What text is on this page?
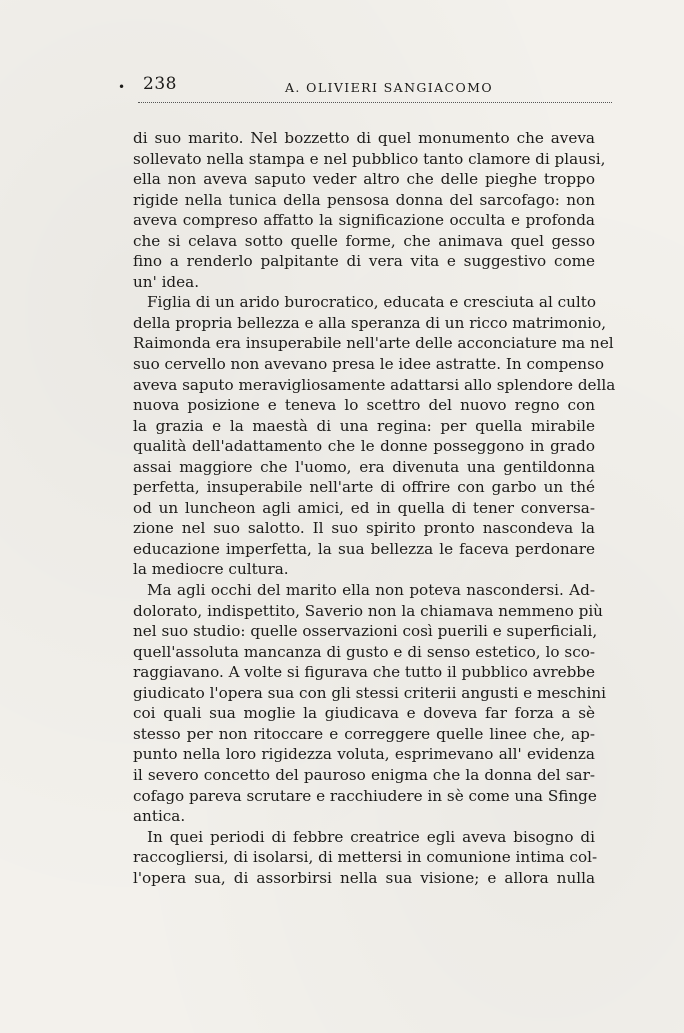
• 238	A. OLIVIERI SANGIACOMO
di suo marito. Nel bozzetto di quel monumento che aveva
sollevato nella stampa e nel pubblico tanto clamore di plausi,
ella non aveva saputo veder altro che delle pieghe troppo
rigide nella tunica della pensosa donna del sarcofago: non
aveva compreso affatto la significazione occulta e profonda
che si celava sotto quelle forme, che animava quel gesso
fino a renderlo palpitante di vera vita e suggestivo come
un' idea.
Figlia di un arido burocratico, educata e cresciuta al culto
della propria bellezza e alla speranza di un ricco matrimonio,
Raimonda era insuperabile nell'arte delle acconciature ma nel
suo cervello non avevano presa le idee astratte. In compenso
aveva saputo meravigliosamente adattarsi allo splendore della
nuova posizione e teneva lo scettro del nuovo regno con
la grazia e la maestà di una regina: per quella mirabile
qualità dell'adattamento che le donne posseggono in grado
assai maggiore che l'uomo, era divenuta una gentildonna
perfetta, insuperabile nell'arte di offrire con garbo un thé
od un luncheon agli amici, ed in quella di tener conversa-
zione nel suo salotto. Il suo spirito pronto nascondeva la
educazione imperfetta, la sua bellezza le faceva perdonare
la mediocre cultura.
Ma agli occhi del marito ella non poteva nascondersi. Ad-
dolorato, indispettito, Saverio non la chiamava nemmeno più
nel suo studio: quelle osservazioni così puerili e superficiali,
quell'assoluta mancanza di gusto e di senso estetico, lo sco-
raggiavano. A volte si figurava che tutto il pubblico avrebbe
giudicato l'opera sua con gli stessi criterii angusti e meschini
coi quali sua moglie la giudicava e doveva far forza a sè
stesso per non ritoccare e correggere quelle linee che, ap-
punto nella loro rigidezza voluta, esprimevano all' evidenza
il severo concetto del pauroso enigma che la donna del sar-
cofago pareva scrutare e racchiudere in sè come una Sfinge
antica.
In quei periodi di febbre creatrice egli aveva bisogno di
raccogliersi, di isolarsi, di mettersi in comunione intima col-
l'opera sua, di assorbirsi nella sua visione; e allora nulla
